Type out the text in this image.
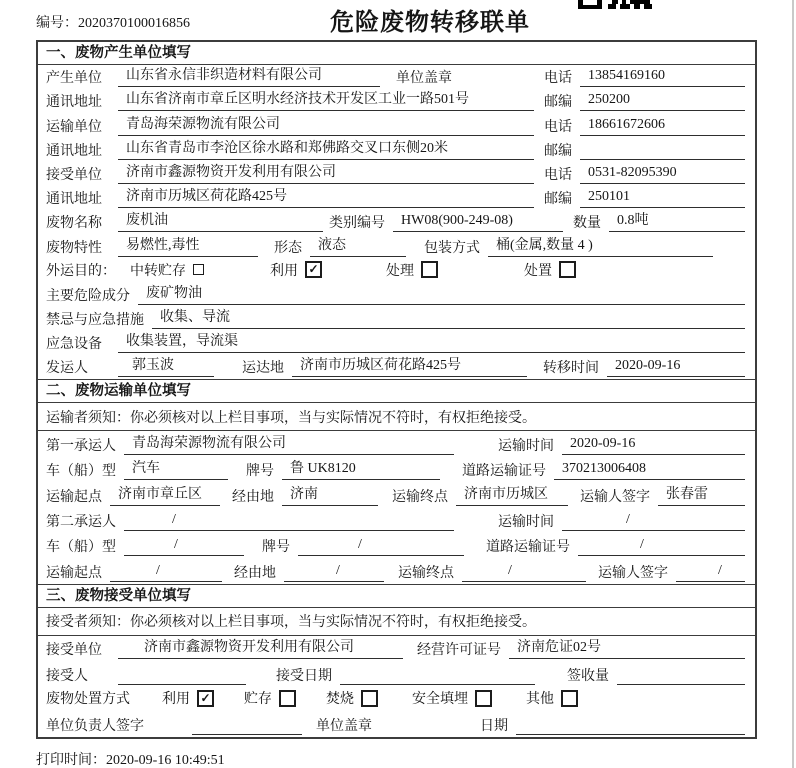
编号：2020370100016856	危险废物转移联单
一、废物产生单位填写
产生单位	山东省永信非织造材料有限公司	单位盖章	电话	13854169160
通讯地址	山东省济南市章丘区明水经济技术开发区工业一路501号	邮编	250200
运输单位	青岛海荣源物流有限公司	电话	18661672606
通讯地址	山东省青岛市李沧区徐水路和郑佛路交叉口东侧20米	邮编
接受单位	济南市鑫源物资开发利用有限公司	电话	0531-82095390
通讯地址	济南市历城区荷花路425号	邮编	250101
废物名称	废机油	类别编号	HW08(900-249-08)	数量	0.8吨
废物特性	易燃性,毒性	形态	液态	包装方式	桶(金属,数量 4 )
外运目的：	中转贮存	利用 ✓	处理	处置
主要危险成分	废矿物油
禁忌与应急措施	收集、导流
应急设备	收集装置，导流渠
发运人	郭玉波	运达地	济南市历城区荷花路425号	转移时间	2020-09-16
二、废物运输单位填写
运输者须知： 你必须核对以上栏目事项，当与实际情况不符时，有权拒绝接受。
第一承运人	青岛海荣源物流有限公司	运输时间	2020-09-16
车（船）型	汽车	牌号	鲁 UK8120	道路运输证号	370213006408
运输起点	济南市章丘区	经由地	济南	运输终点	济南市历城区	运输人签字	张春雷
第二承运人	/	运输时间	/
车（船）型	/	牌号	/	道路运输证号	/
运输起点	/	经由地	/	运输终点	/	运输人签字	/
三、废物接受单位填写
接受者须知： 你必须核对以上栏目事项，当与实际情况不符时，有权拒绝接受。
接受单位	济南市鑫源物资开发利用有限公司	经营许可证号	济南危证02号
接受人	接受日期	签收量
废物处置方式	利用 ✓ 贮存	焚烧	安全填埋	其他
单位负责人签字	单位盖章	日期
打印时间：2020-09-16 10:49:51
